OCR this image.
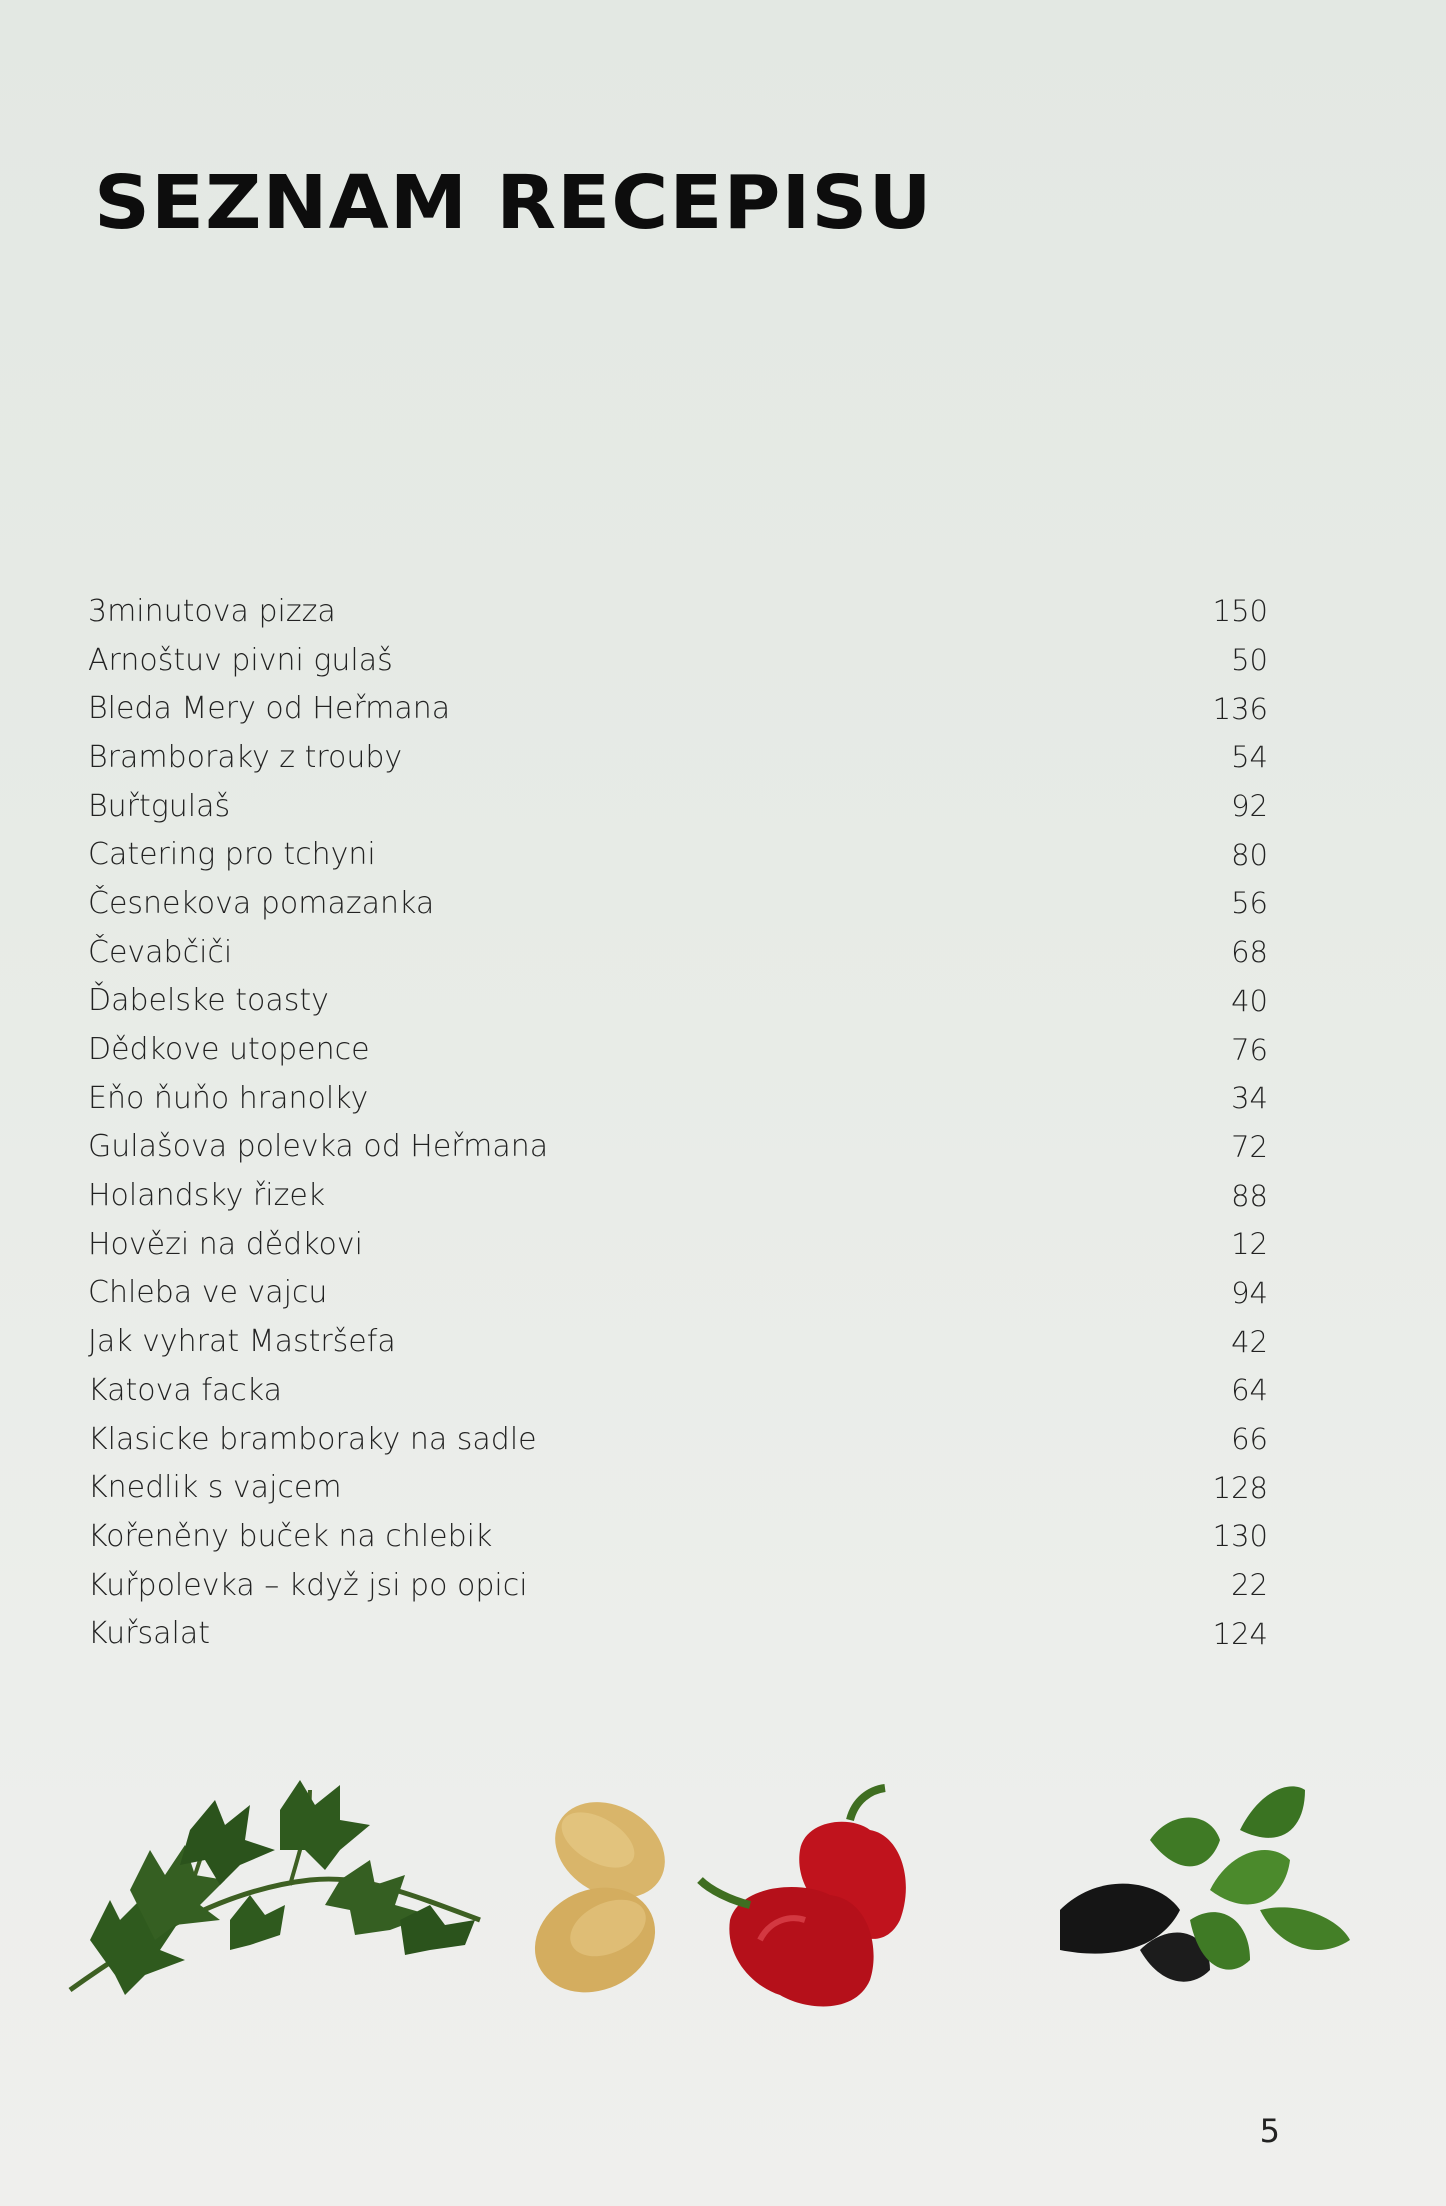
SEZNAM RECEPISU
3minutova pizza	150
Arnoštuv pivni gulaš	50
Bleda Mery od Heřmana	136
Bramboraky z trouby	54
Buřtgulaš	92
Catering pro tchyni	80
Česnekova pomazanka	56
Čevabčiči	68
Ďabelske toasty	40
Dědkove utopence	76
Eňo ňuňo hranolky	34
Gulašova polevka od Heřmana	72
Holandsky řizek	88
Hovězi na dědkovi	12
Chleba ve vajcu	94
Jak vyhrat Mastršefa	42
Katova facka	64
Klasicke bramboraky na sadle	66
Knedlik s vajcem	128
Kořeněny buček na chlebik	130
Kuřpolevka – když jsi po opici	22
Kuřsalat	124
5
